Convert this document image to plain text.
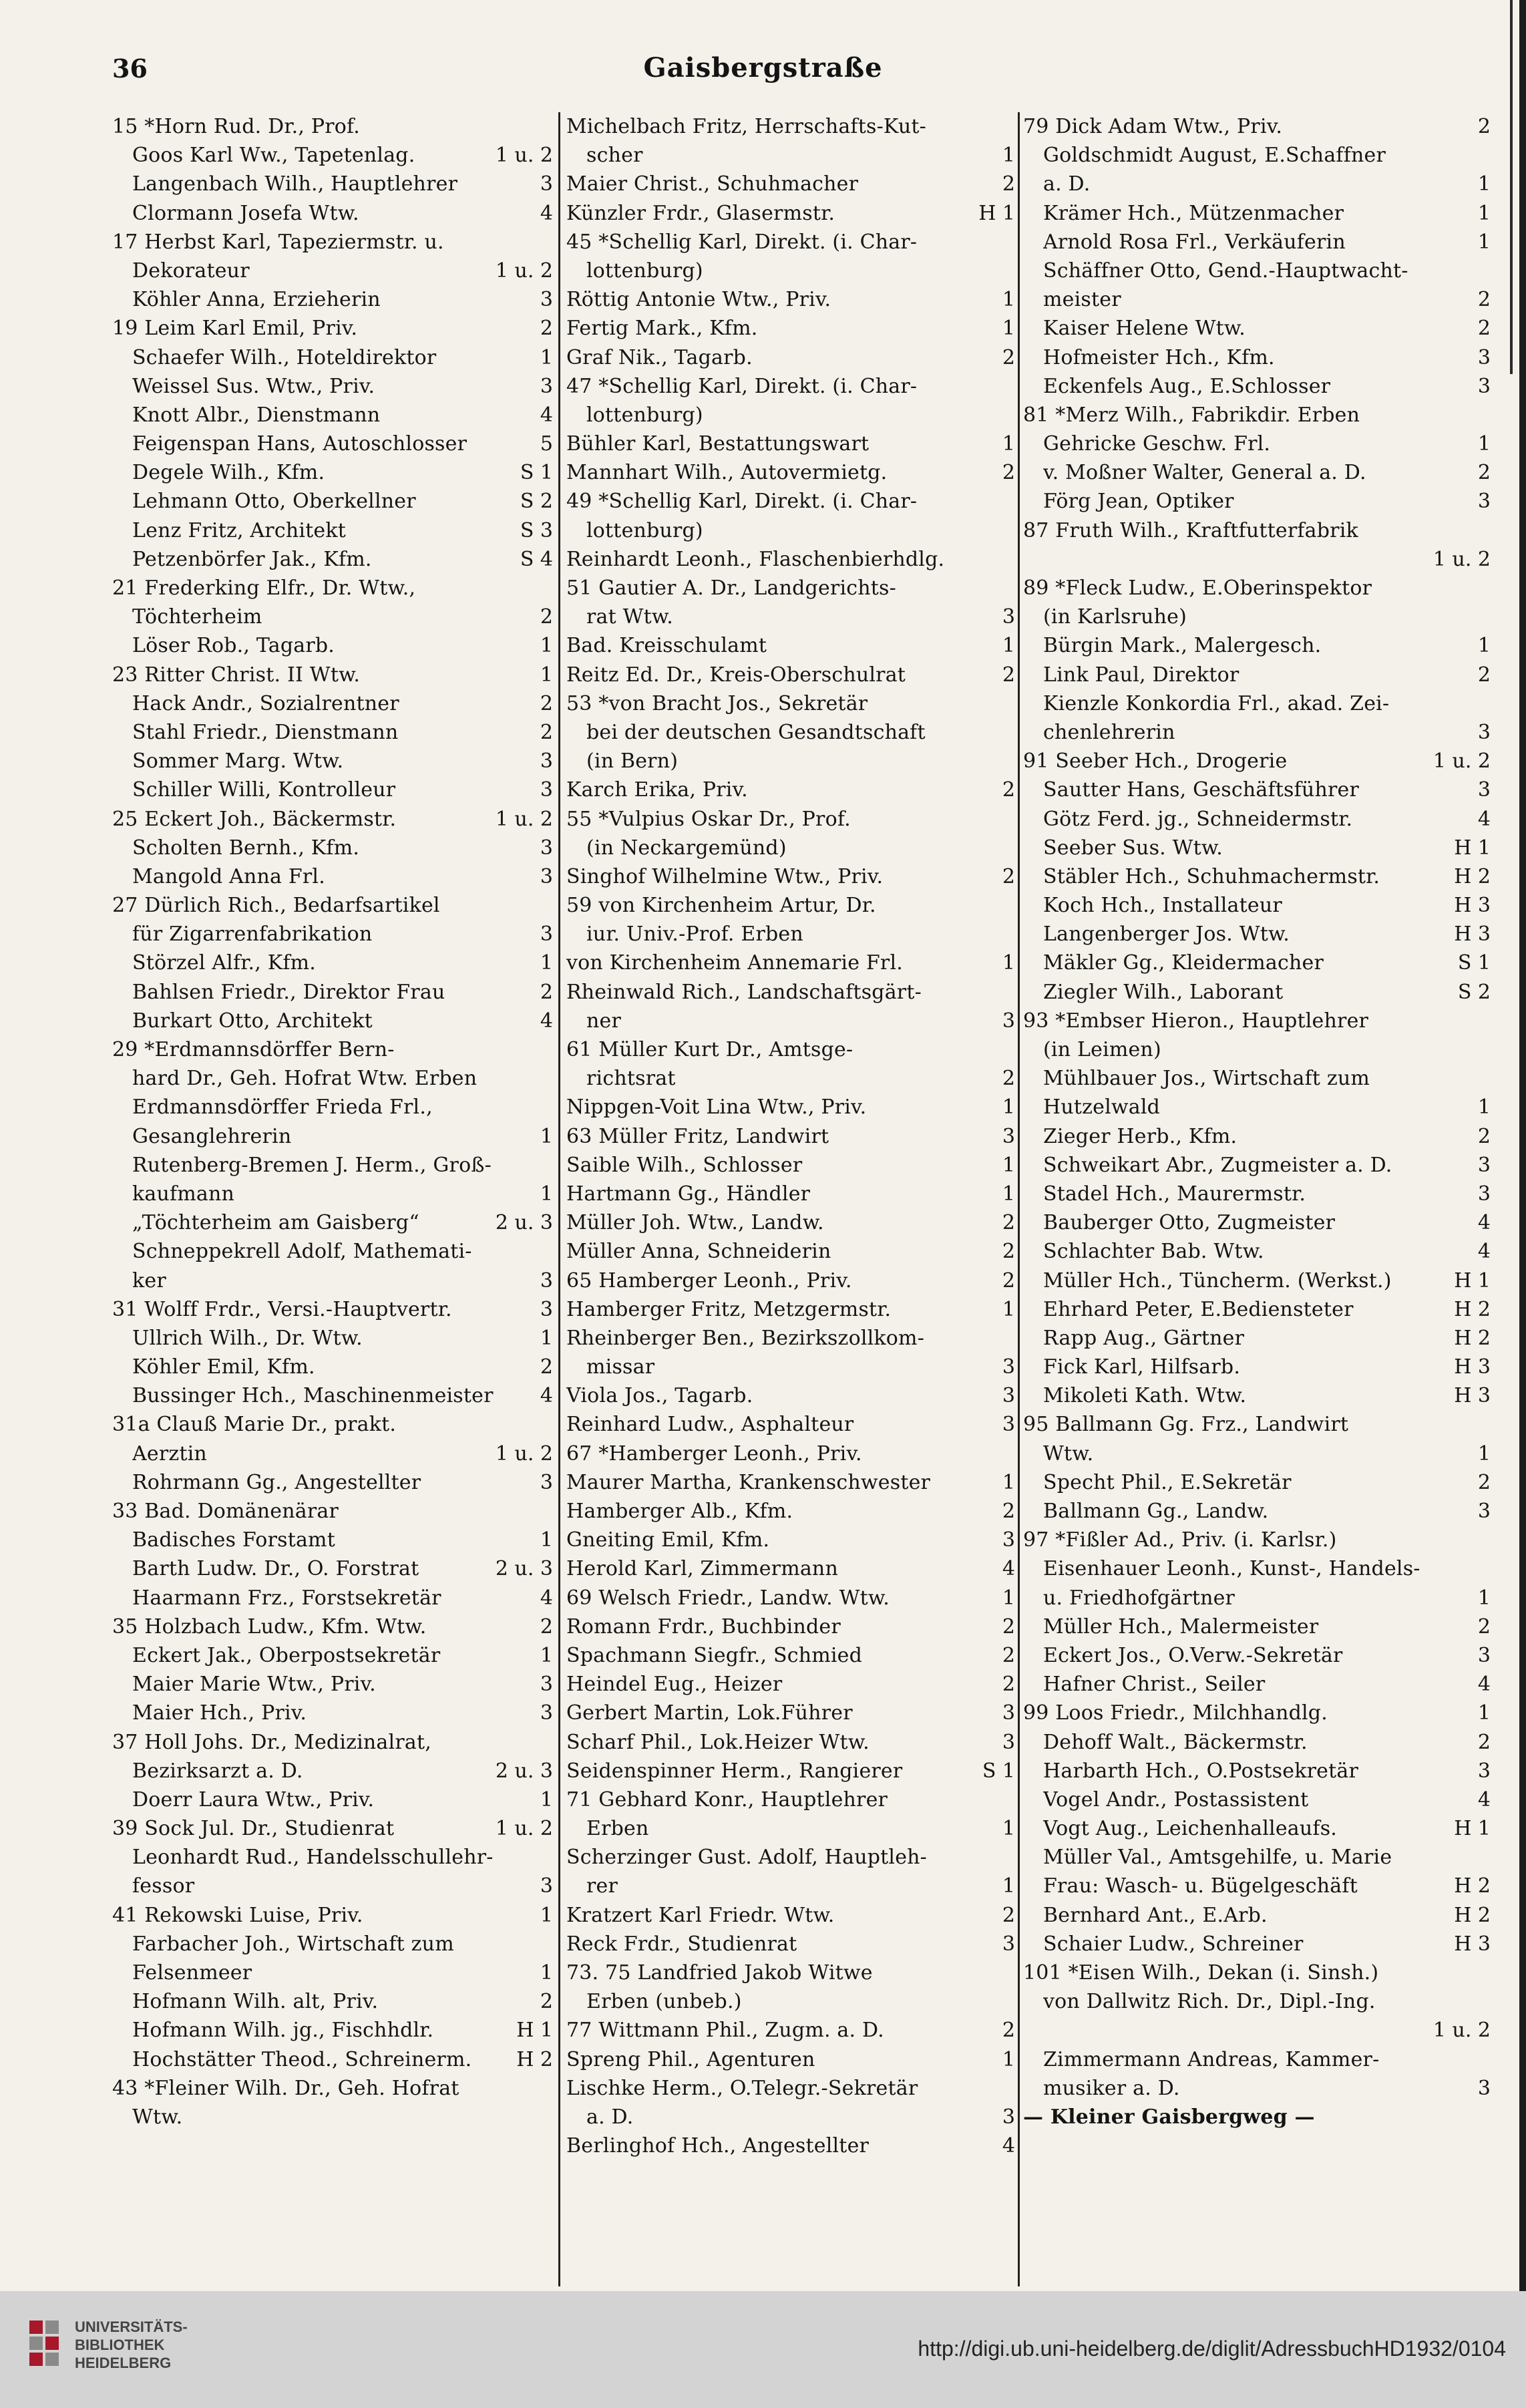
36	Gaisbergstraße
15 *Horn Rud. Dr., Prof.
Goos Karl Ww., Tapetenlag.	1 u. 2
Langenbach Wilh., Hauptlehrer	3
Clormann Josefa Wtw.	4
17 Herbst Karl, Tapeziermstr. u.
Dekorateur	1 u. 2
Köhler Anna, Erzieherin	3
19 Leim Karl Emil, Priv.	2
Schaefer Wilh., Hoteldirektor	1
Weissel Sus. Wtw., Priv.	3
Knott Albr., Dienstmann	4
Feigenspan Hans, Autoschlosser	5
Degele Wilh., Kfm.	S 1
Lehmann Otto, Oberkellner	S 2
Lenz Fritz, Architekt	S 3
Petzenbörfer Jak., Kfm.	S 4
21 Frederking Elfr., Dr. Wtw.,
Töchterheim	2
Löser Rob., Tagarb.	1
23 Ritter Christ. II Wtw.	1
Hack Andr., Sozialrentner	2
Stahl Friedr., Dienstmann	2
Sommer Marg. Wtw.	3
Schiller Willi, Kontrolleur	3
25 Eckert Joh., Bäckermstr.	1 u. 2
Scholten Bernh., Kfm.	3
Mangold Anna Frl.	3
27 Dürlich Rich., Bedarfsartikel
für Zigarrenfabrikation	3
Störzel Alfr., Kfm.	1
Bahlsen Friedr., Direktor Frau	2
Burkart Otto, Architekt	4
29 *Erdmannsdörffer Bern-
hard Dr., Geh. Hofrat Wtw. Erben
Erdmannsdörffer Frieda Frl.,
Gesanglehrerin	1
Rutenberg-Bremen J. Herm., Groß-
kaufmann	1
„Töchterheim am Gaisberg“	2 u. 3
Schneppekrell Adolf, Mathemati-
ker	3
31 Wolff Frdr., Versi.-Hauptvertr.	3
Ullrich Wilh., Dr. Wtw.	1
Köhler Emil, Kfm.	2
Bussinger Hch., Maschinenmeister	4
31a Clauß Marie Dr., prakt.
Aerztin	1 u. 2
Rohrmann Gg., Angestellter	3
33 Bad. Domänenärar
Badisches Forstamt	1
Barth Ludw. Dr., O. Forstrat	2 u. 3
Haarmann Frz., Forstsekretär	4
35 Holzbach Ludw., Kfm. Wtw.	2
Eckert Jak., Oberpostsekretär	1
Maier Marie Wtw., Priv.	3
Maier Hch., Priv.	3
37 Holl Johs. Dr., Medizinalrat,
Bezirksarzt a. D.	2 u. 3
Doerr Laura Wtw., Priv.	1
39 Sock Jul. Dr., Studienrat	1 u. 2
Leonhardt Rud., Handelsschullehr-
fessor	3
41 Rekowski Luise, Priv.	1
Farbacher Joh., Wirtschaft zum
Felsenmeer	1
Hofmann Wilh. alt, Priv.	2
Hofmann Wilh. jg., Fischhdlr.	H 1
Hochstätter Theod., Schreinerm.	H 2
43 *Fleiner Wilh. Dr., Geh. Hofrat
Wtw.
Michelbach Fritz, Herrschafts-Kut-
scher	1
Maier Christ., Schuhmacher	2
Künzler Frdr., Glasermstr.	H 1
45 *Schellig Karl, Direkt. (i. Char-
lottenburg)
Röttig Antonie Wtw., Priv.	1
Fertig Mark., Kfm.	1
Graf Nik., Tagarb.	2
47 *Schellig Karl, Direkt. (i. Char-
lottenburg)
Bühler Karl, Bestattungswart	1
Mannhart Wilh., Autovermietg.	2
49 *Schellig Karl, Direkt. (i. Char-
lottenburg)
Reinhardt Leonh., Flaschenbierhdlg.
51 Gautier A. Dr., Landgerichts-
rat Wtw.	3
Bad. Kreisschulamt	1
Reitz Ed. Dr., Kreis-Oberschulrat	2
53 *von Bracht Jos., Sekretär
bei der deutschen Gesandtschaft
(in Bern)
Karch Erika, Priv.	2
55 *Vulpius Oskar Dr., Prof.
(in Neckargemünd)
Singhof Wilhelmine Wtw., Priv.	2
59 von Kirchenheim Artur, Dr.
iur. Univ.-Prof. Erben
von Kirchenheim Annemarie Frl.	1
Rheinwald Rich., Landschaftsgärt-
ner	3
61 Müller Kurt Dr., Amtsge-
richtsrat	2
Nippgen-Voit Lina Wtw., Priv.	1
63 Müller Fritz, Landwirt	3
Saible Wilh., Schlosser	1
Hartmann Gg., Händler	1
Müller Joh. Wtw., Landw.	2
Müller Anna, Schneiderin	2
65 Hamberger Leonh., Priv.	2
Hamberger Fritz, Metzgermstr.	1
Rheinberger Ben., Bezirkszollkom-
missar	3
Viola Jos., Tagarb.	3
Reinhard Ludw., Asphalteur	3
67 *Hamberger Leonh., Priv.
Maurer Martha, Krankenschwester	1
Hamberger Alb., Kfm.	2
Gneiting Emil, Kfm.	3
Herold Karl, Zimmermann	4
69 Welsch Friedr., Landw. Wtw.	1
Romann Frdr., Buchbinder	2
Spachmann Siegfr., Schmied	2
Heindel Eug., Heizer	2
Gerbert Martin, Lok.Führer	3
Scharf Phil., Lok.Heizer Wtw.	3
Seidenspinner Herm., Rangierer	S 1
71 Gebhard Konr., Hauptlehrer
Erben	1
Scherzinger Gust. Adolf, Hauptleh-
rer	1
Kratzert Karl Friedr. Wtw.	2
Reck Frdr., Studienrat	3
73. 75 Landfried Jakob Witwe
Erben (unbeb.)
77 Wittmann Phil., Zugm. a. D.	2
Spreng Phil., Agenturen	1
Lischke Herm., O.Telegr.-Sekretär
a. D.	3
Berlinghof Hch., Angestellter	4
79 Dick Adam Wtw., Priv.	2
Goldschmidt August, E.Schaffner
a. D.	1
Krämer Hch., Mützenmacher	1
Arnold Rosa Frl., Verkäuferin	1
Schäffner Otto, Gend.-Hauptwacht-
meister	2
Kaiser Helene Wtw.	2
Hofmeister Hch., Kfm.	3
Eckenfels Aug., E.Schlosser	3
81 *Merz Wilh., Fabrikdir. Erben
Gehricke Geschw. Frl.	1
v. Moßner Walter, General a. D.	2
Förg Jean, Optiker	3
87 Fruth Wilh., Kraftfutterfabrik
1 u. 2
89 *Fleck Ludw., E.Oberinspektor
(in Karlsruhe)
Bürgin Mark., Malergesch.	1
Link Paul, Direktor	2
Kienzle Konkordia Frl., akad. Zei-
chenlehrerin	3
91 Seeber Hch., Drogerie	1 u. 2
Sautter Hans, Geschäftsführer	3
Götz Ferd. jg., Schneidermstr.	4
Seeber Sus. Wtw.	H 1
Stäbler Hch., Schuhmachermstr.	H 2
Koch Hch., Installateur	H 3
Langenberger Jos. Wtw.	H 3
Mäkler Gg., Kleidermacher	S 1
Ziegler Wilh., Laborant	S 2
93 *Embser Hieron., Hauptlehrer
(in Leimen)
Mühlbauer Jos., Wirtschaft zum
Hutzelwald	1
Zieger Herb., Kfm.	2
Schweikart Abr., Zugmeister a. D.	3
Stadel Hch., Maurermstr.	3
Bauberger Otto, Zugmeister	4
Schlachter Bab. Wtw.	4
Müller Hch., Tüncherm. (Werkst.)	H 1
Ehrhard Peter, E.Bediensteter	H 2
Rapp Aug., Gärtner	H 2
Fick Karl, Hilfsarb.	H 3
Mikoleti Kath. Wtw.	H 3
95 Ballmann Gg. Frz., Landwirt
Wtw.	1
Specht Phil., E.Sekretär	2
Ballmann Gg., Landw.	3
97 *Fißler Ad., Priv. (i. Karlsr.)
Eisenhauer Leonh., Kunst-, Handels-
u. Friedhofgärtner	1
Müller Hch., Malermeister	2
Eckert Jos., O.Verw.-Sekretär	3
Hafner Christ., Seiler	4
99 Loos Friedr., Milchhandlg.	1
Dehoff Walt., Bäckermstr.	2
Harbarth Hch., O.Postsekretär	3
Vogel Andr., Postassistent	4
Vogt Aug., Leichenhalleaufs.	H 1
Müller Val., Amtsgehilfe, u. Marie
Frau: Wasch- u. Bügelgeschäft	H 2
Bernhard Ant., E.Arb.	H 2
Schaier Ludw., Schreiner	H 3
101 *Eisen Wilh., Dekan (i. Sinsh.)
von Dallwitz Rich. Dr., Dipl.-Ing.
1 u. 2
Zimmermann Andreas, Kammer-
musiker a. D.	3
— Kleiner Gaisbergweg —
UNIVERSITÄTS-
BIBLIOTHEK
HEIDELBERG
http://digi.ub.uni-heidelberg.de/diglit/AdressbuchHD1932/0104
